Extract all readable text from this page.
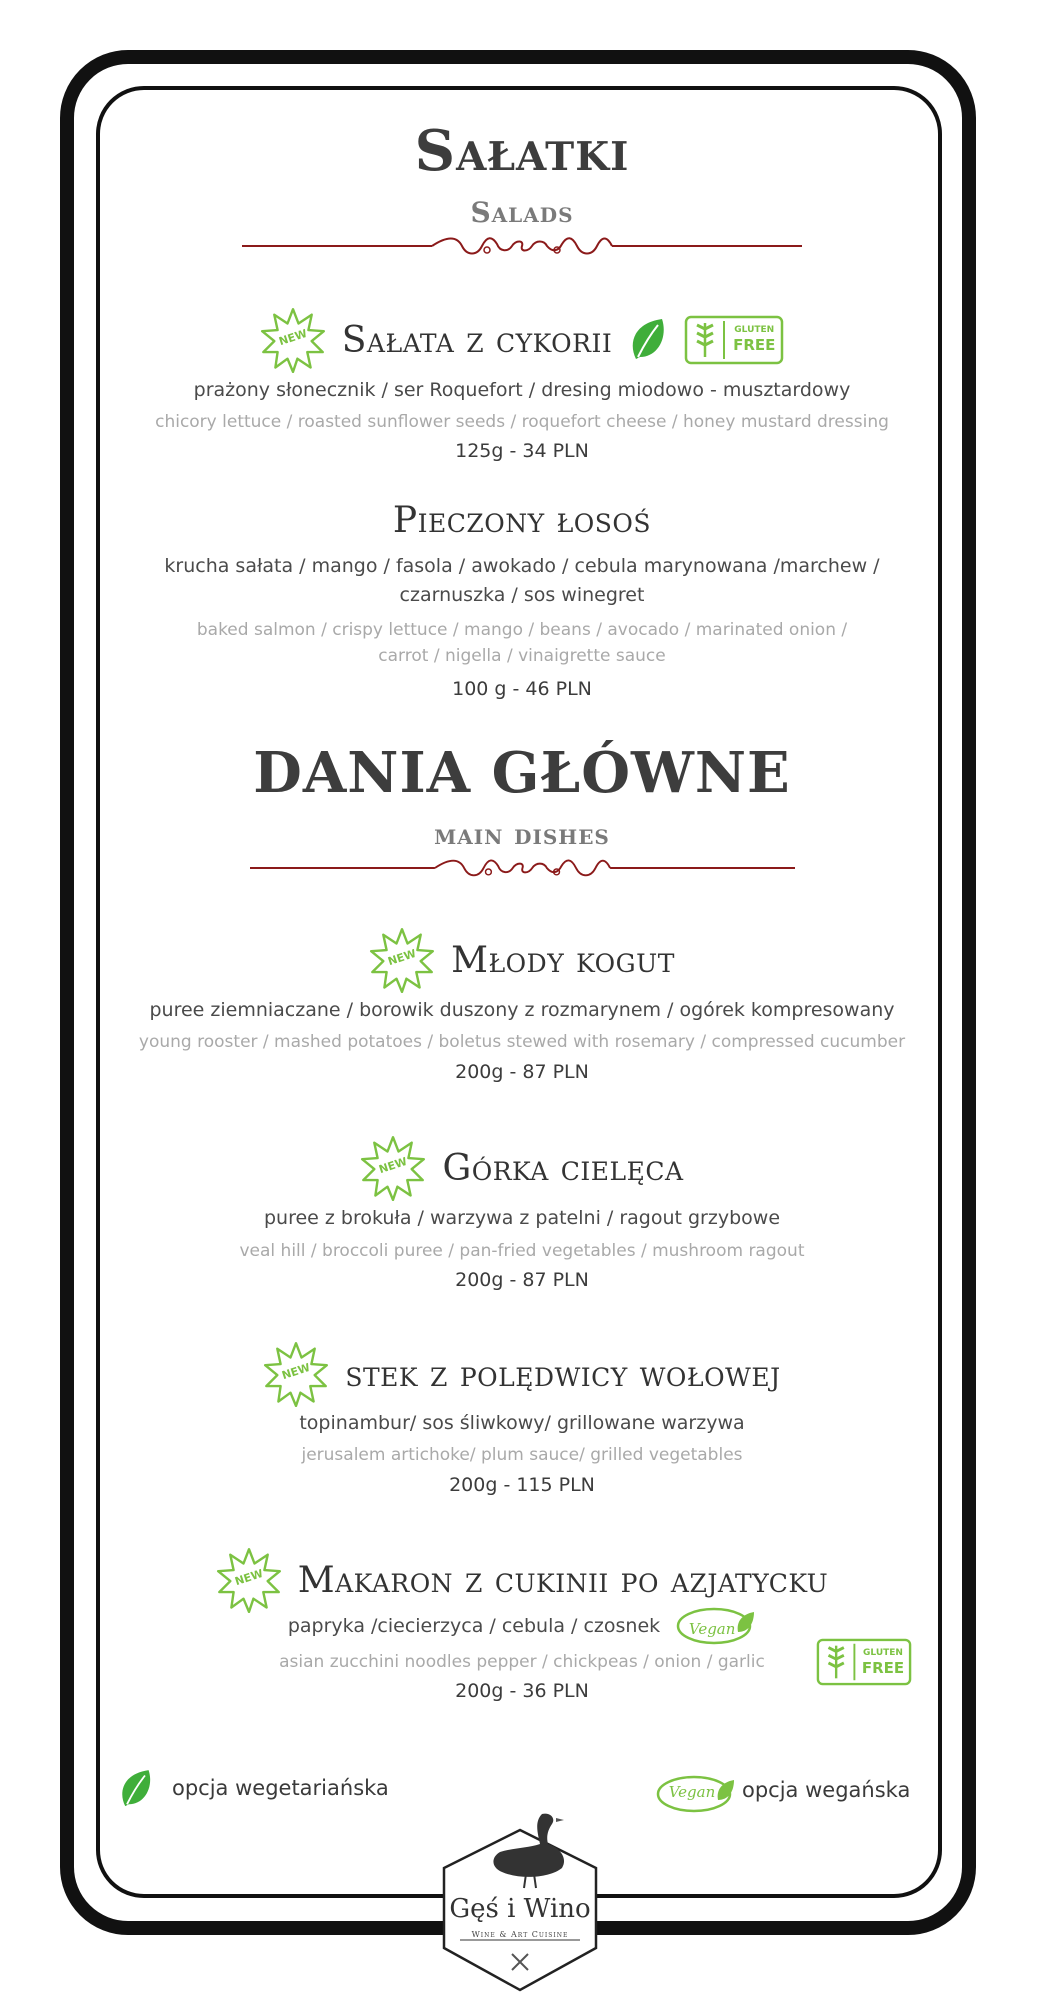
Sałatki
Salads
NEW Sałata z cykorii	GLUTEN
FREE
prażony słonecznik / ser Roquefort / dresing miodowo - musztardowy
chicory lettuce / roasted sunflower seeds / roquefort cheese / honey mustard dressing
125g - 34 PLN
Pieczony łosoś
krucha sałata / mango / fasola / awokado / cebula marynowana /marchew /
czarnuszka / sos winegret
baked salmon / crispy lettuce / mango / beans / avocado / marinated onion /
carrot / nigella / vinaigrette sauce
100 g - 46 PLN
DANIA GŁÓWNE
main dishes
NEW Młody kogut
puree ziemniaczane / borowik duszony z rozmarynem / ogórek kompresowany
young rooster / mashed potatoes / boletus stewed with rosemary / compressed cucumber
200g - 87 PLN
NEW Górka cielęca
puree z brokuła / warzywa z patelni / ragout grzybowe
veal hill / broccoli puree / pan-fried vegetables / mushroom ragout
200g - 87 PLN
NEW stek z polędwicy wołowej
topinambur/ sos śliwkowy/ grillowane warzywa
jerusalem artichoke/ plum sauce/ grilled vegetables
200g - 115 PLN
NEW Makaron z cukinii po azjatycku
papryka /ciecierzyca / cebula / czosnek	Vegan
asian zucchini noodles pepper / chickpeas / onion / garlic	GLUTEN
FREE
200g - 36 PLN
opcja wegetariańska	Vegan	opcja wegańska
Gęś i Wino
Wine & Art Cuisine
